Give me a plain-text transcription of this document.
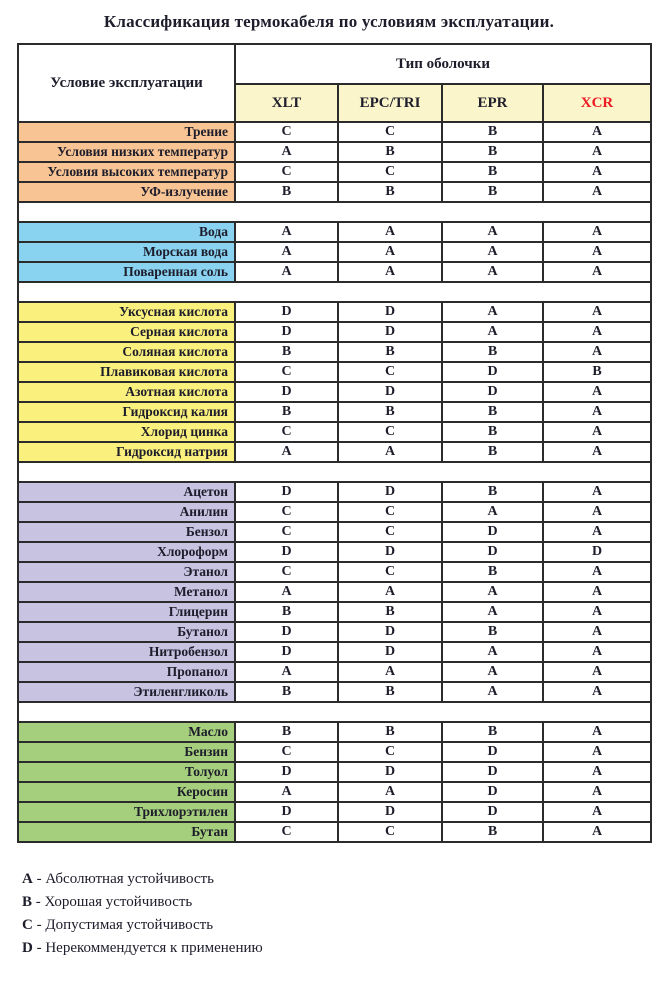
Классификация термокабеля по условиям эксплуатации.
Условие эксплуатации	Тип оболочки			
	XLT	EPC/TRI	EPR	XCR
Трение	C	C	B	A
Условия низких температур	A	B	B	A
Условия высоких температур	C	C	B	A
УФ-излучение	B	B	B	A

Вода	A	A	A	A
Морская вода	A	A	A	A
Поваренная соль	A	A	A	A

Уксусная кислота	D	D	A	A
Серная кислота	D	D	A	A
Соляная кислота	B	B	B	A
Плавиковая кислота	C	C	D	B
Азотная кислота	D	D	D	A
Гидроксид калия	B	B	B	A
Хлорид цинка	C	C	B	A
Гидроксид натрия	A	A	B	A

Ацетон	D	D	B	A
Анилин	C	C	A	A
Бензол	C	C	D	A
Хлороформ	D	D	D	D
Этанол	C	C	B	A
Метанол	A	A	A	A
Глицерин	B	B	A	A
Бутанол	D	D	B	A
Нитробензол	D	D	A	A
Пропанол	A	A	A	A
Этиленгликоль	B	B	A	A

Масло	B	B	B	A
Бензин	C	C	D	A
Толуол	D	D	D	A
Керосин	A	A	D	A
Трихлорэтилен	D	D	D	A
Бутан	C	C	B	A
A - Абсолютная устойчивость
B - Хорошая устойчивость
C - Допустимая устойчивость
D - Нерекоммендуется к применению
